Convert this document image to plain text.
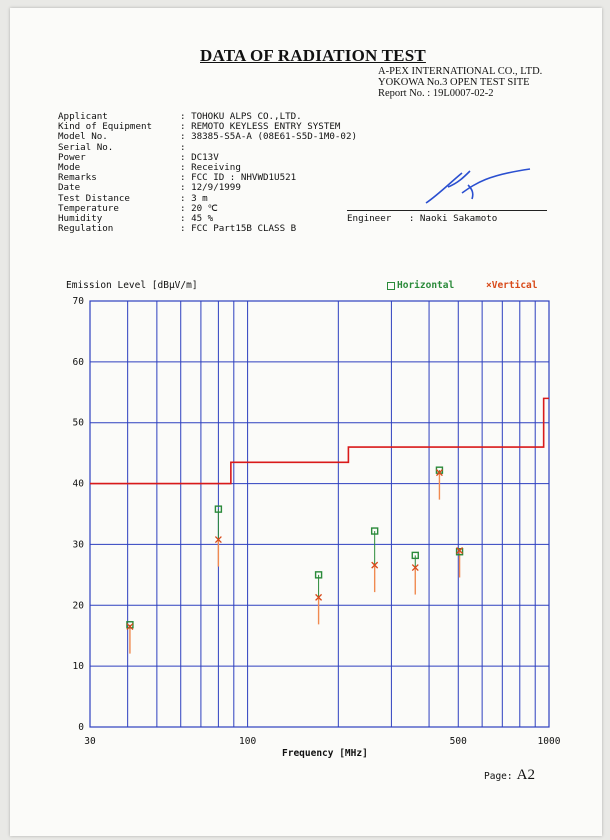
DATA OF RADIATION TEST
A-PEX INTERNATIONAL CO., LTD.
YOKOWA No.3 OPEN TEST SITE
Report No. : 19L0007-02-2
Applicant	: TOHOKU ALPS CO.,LTD.
Kind of Equipment	: REMOTO KEYLESS ENTRY SYSTEM
Model No.	: 38385-S5A-A (08E61-S5D-1M0-02)
Serial No.	:
Power	: DC13V
Mode	: Receiving
Remarks	: FCC ID : NHVWD1U521
Date	: 12/9/1999
Test Distance	: 3 m
Temperature	: 20 ℃
Humidity	: 45 %
Regulation	: FCC Part15B CLASS B
Engineer : Naoki Sakamoto
Emission Level [dBμV/m]	Horizontal	×Vertical
0
10
20
30
40
50
60
70
30	100	500	1000
Frequency [MHz]
Page: A2
